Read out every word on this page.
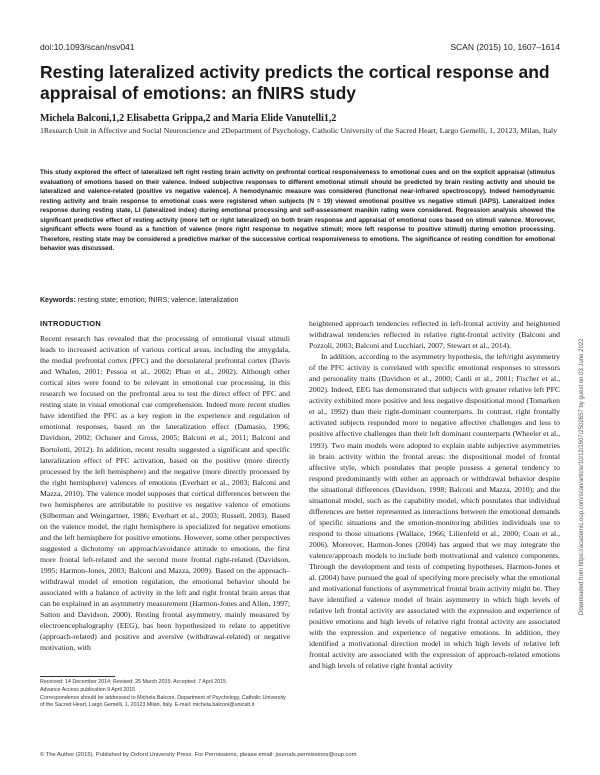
doi:10.1093/scan/nsv041	SCAN (2015) 10, 1607–1614
Resting lateralized activity predicts the cortical response and appraisal of emotions: an fNIRS study
Michela Balconi,1,2 Elisabetta Grippa,2 and Maria Elide Vanutelli1,2
1Research Unit in Affective and Social Neuroscience and 2Department of Psychology, Catholic University of the Sacred Heart, Largo Gemelli, 1, 20123, Milan, Italy
This study explored the effect of lateralized left right resting brain activity on prefrontal cortical responsiveness to emotional cues and on the explicit appraisal (stimulus evaluation) of emotions based on their valence. Indeed subjective responses to different emotional stimuli should be predicted by brain resting activity and should be lateralized and valence-related (positive vs negative valence). A hemodynamic measure was considered (functional near-infrared spectroscopy). Indeed hemodynamic resting activity and brain response to emotional cues were registered when subjects (N = 19) viewed emotional positive vs negative stimuli (IAPS). Lateralized index response during resting state, LI (lateralized index) during emotional processing and self-assessment manikin rating were considered. Regression analysis showed the significant predictive effect of resting activity (more left or right lateralized) on both brain response and appraisal of emotional cues based on stimuli valence. Moreover, significant effects were found as a function of valence (more right response to negative stimuli; more left response to positive stimuli) during emotion processing. Therefore, resting state may be considered a predictive marker of the successive cortical responsiveness to emotions. The significance of resting condition for emotional behavior was discussed.
Keywords: resting state; emotion; fNIRS; valence; lateralization
INTRODUCTION

Recent research has revealed that the processing of emotional visual stimuli leads to increased activation of various cortical areas, including the amygdala, the medial prefrontal cortex (PFC) and the dorsolateral prefrontal cortex (Davis and Whalen, 2001; Pessoa et al., 2002; Phan et al., 2002). Although other cortical sites were found to be relevant in emotional cue processing, in this research we focused on the prefrontal area to test the direct effect of PFC and resting state in visual emotional cue comprehension. Indeed more recent studies have identified the PFC as a key region in the experience and regulation of emotional responses, based on the lateralization effect (Damasio, 1996; Davidson, 2002; Ochsner and Gross, 2005; Balconi et al., 2011; Balconi and Bortolotti, 2012). In addition, recent results suggested a significant and specific lateralization effect of PFC activation, based on the positive (more directly processed by the left hemisphere) and the negative (more directly processed by the right hemisphere) valences of emotions (Everhart et al., 2003; Balconi and Mazza, 2010). The valence model supposes that cortical differences between the two hemispheres are attributable to positive vs negative valence of emotions (Silberman and Weingartner, 1986; Everhart et al., 2003; Russell, 2003). Based on the valence model, the right hemisphere is specialized for negative emotions and the left hemisphere for positive emotions. However, some other perspectives suggested a dichotomy on approach/avoidance attitude to emotions, the first more frontal left-related and the second more frontal right-related (Davidson, 1995; Harmon-Jones, 2003; Balconi and Mazza, 2009). Based on the approach–withdrawal model of emotion regulation, the emotional behavior should be associated with a balance of activity in the left and right frontal brain areas that can be explained in an asymmetry measurement (Harmon-Jones and Allen, 1997; Sutton and Davidson, 2000). Resting frontal asymmetry, mainly measured by electroencephalography (EEG), has been hypothesized to relate to appetitive (approach-related) and positive and aversive (withdrawal-related) or negative motivation, with

heightened approach tendencies reflected in left-frontal activity and heightened withdrawal tendencies reflected in relative right-frontal activity (Balconi and Pozzoli, 2003; Balconi and Lucchiari, 2007; Stewart et al., 2014).

In addition, according to the asymmetry hypothesis, the left/right asymmetry of the PFC activity is correlated with specific emotional responses to stressors and personality traits (Davidson et al., 2000; Canli et al., 2001; Fischer et al., 2002). Indeed, EEG has demonstrated that subjects with greater relative left PFC activity exhibited more positive and less negative dispositional mood (Tomarken et al., 1992) than their right-dominant counterparts. In contrast, right frontally activated subjects responded more to negative affective challenges and less to positive affective challenges than their left dominant counterparts (Wheeler et al., 1993). Two main models were adopted to explain stable subjective asymmetries in brain activity within the frontal areas: the dispositional model of frontal affective style, which postulates that people possess a general tendency to respond predominantly with either an approach or withdrawal behavior despite the situational differences (Davidson, 1998; Balconi and Mazza, 2010); and the situational model, such as the capability model, which postulates that individual differences are better represented as interactions between the emotional demands of specific situations and the emotion-monitoring abilities individuals use to respond to those situations (Wallace, 1966; Lilienfeld et al., 2000; Coan et al., 2006). Moreover, Harmon-Jones (2004) has argued that we may integrate the valence/approach models to include both motivational and valence components. Through the development and tests of competing hypotheses, Harmon-Jones et al. (2004) have pursued the goal of specifying more precisely what the emotional and motivational functions of asymmetrical frontal brain activity might be. They have identified a valence model of brain asymmetry in which high levels of relative left frontal activity are associated with the expression and experience of positive emotions and high levels of relative right frontal activity are associated with the expression and experience of negative emotions. In addition, they identified a motivational direction model in which high levels of relative left frontal activity are associated with the expression of approach-related emotions and high levels of relative right frontal activity

Received: 14 December 2014; Revised: 25 March 2015; Accepted: 7 April 2015
Advance Access publication 9 April 2015
Correspondence should be addressed to Michela Balconi, Department of Psychology, Catholic University of the Sacred Heart, Largo Gemelli, 1, 20123 Milan, Italy. E-mail: michela.balconi@unicatt.it
© The Author (2015). Published by Oxford University Press. For Permissions, please email: journals.permissions@oup.com
Downloaded from https://academic.oup.com/scan/article/10/12/1607/2502657 by guest on 03 June 2022
